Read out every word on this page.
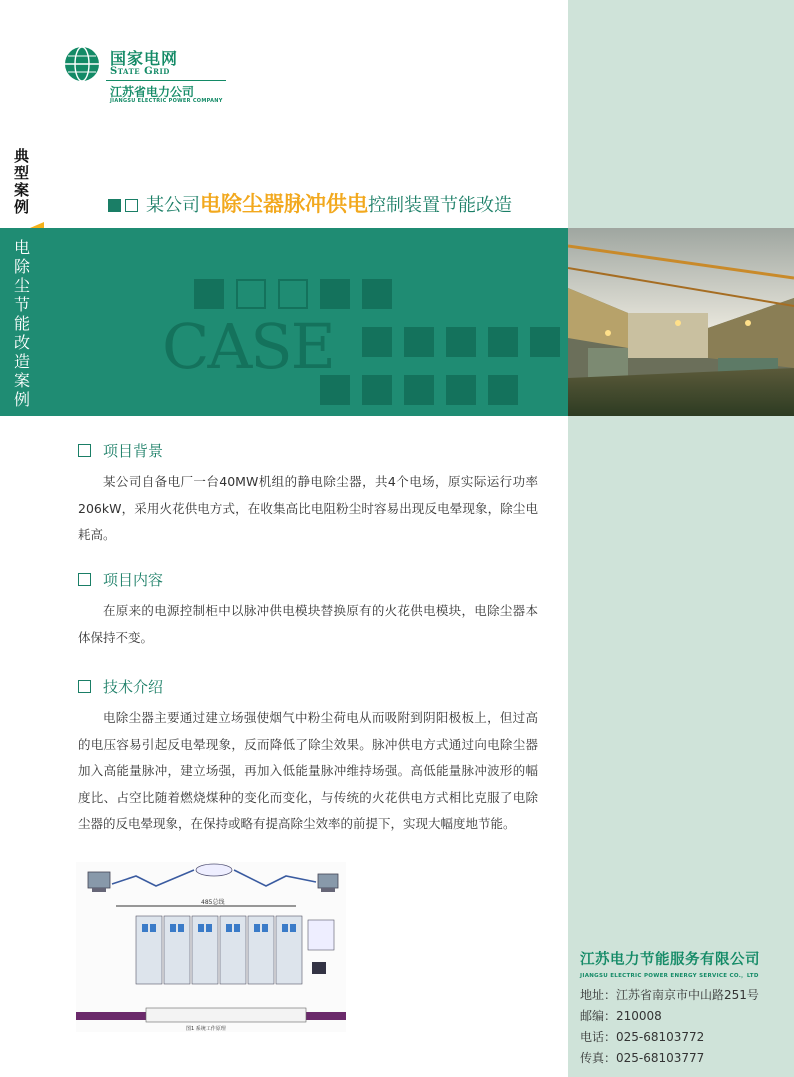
国家电网
State Grid
江苏省电力公司
JIANGSU ELECTRIC POWER COMPANY
典型案例
电除尘节能改造案例
某公司电除尘器脉冲供电控制装置节能改造
CASE
项目背景
某公司自备电厂一台40MW机组的静电除尘器，共4个电场，原实际运行功率206kW，采用火花供电方式，在收集高比电阻粉尘时容易出现反电晕现象，除尘电耗高。
项目内容
在原来的电源控制柜中以脉冲供电模块替换原有的火花供电模块，电除尘器本体保持不变。
技术介绍
电除尘器主要通过建立场强使烟气中粉尘荷电从而吸附到阴阳极板上，但过高的电压容易引起反电晕现象，反而降低了除尘效果。脉冲供电方式通过向电除尘器加入高能量脉冲，建立场强，再加入低能量脉冲维持场强。高低能量脉冲波形的幅度比、占空比随着燃烧煤种的变化而变化，与传统的火花供电方式相比克服了电除尘器的反电晕现象，在保持或略有提高除尘效率的前提下，实现大幅度地节能。
485总线
图1 系统工作原理
江苏电力节能服务有限公司
JIANGSU ELECTRIC POWER ENERGY SERVICE CO.，LTD
地址：江苏省南京市中山路251号
邮编：210008
电话：025-68103772
传真：025-68103777
